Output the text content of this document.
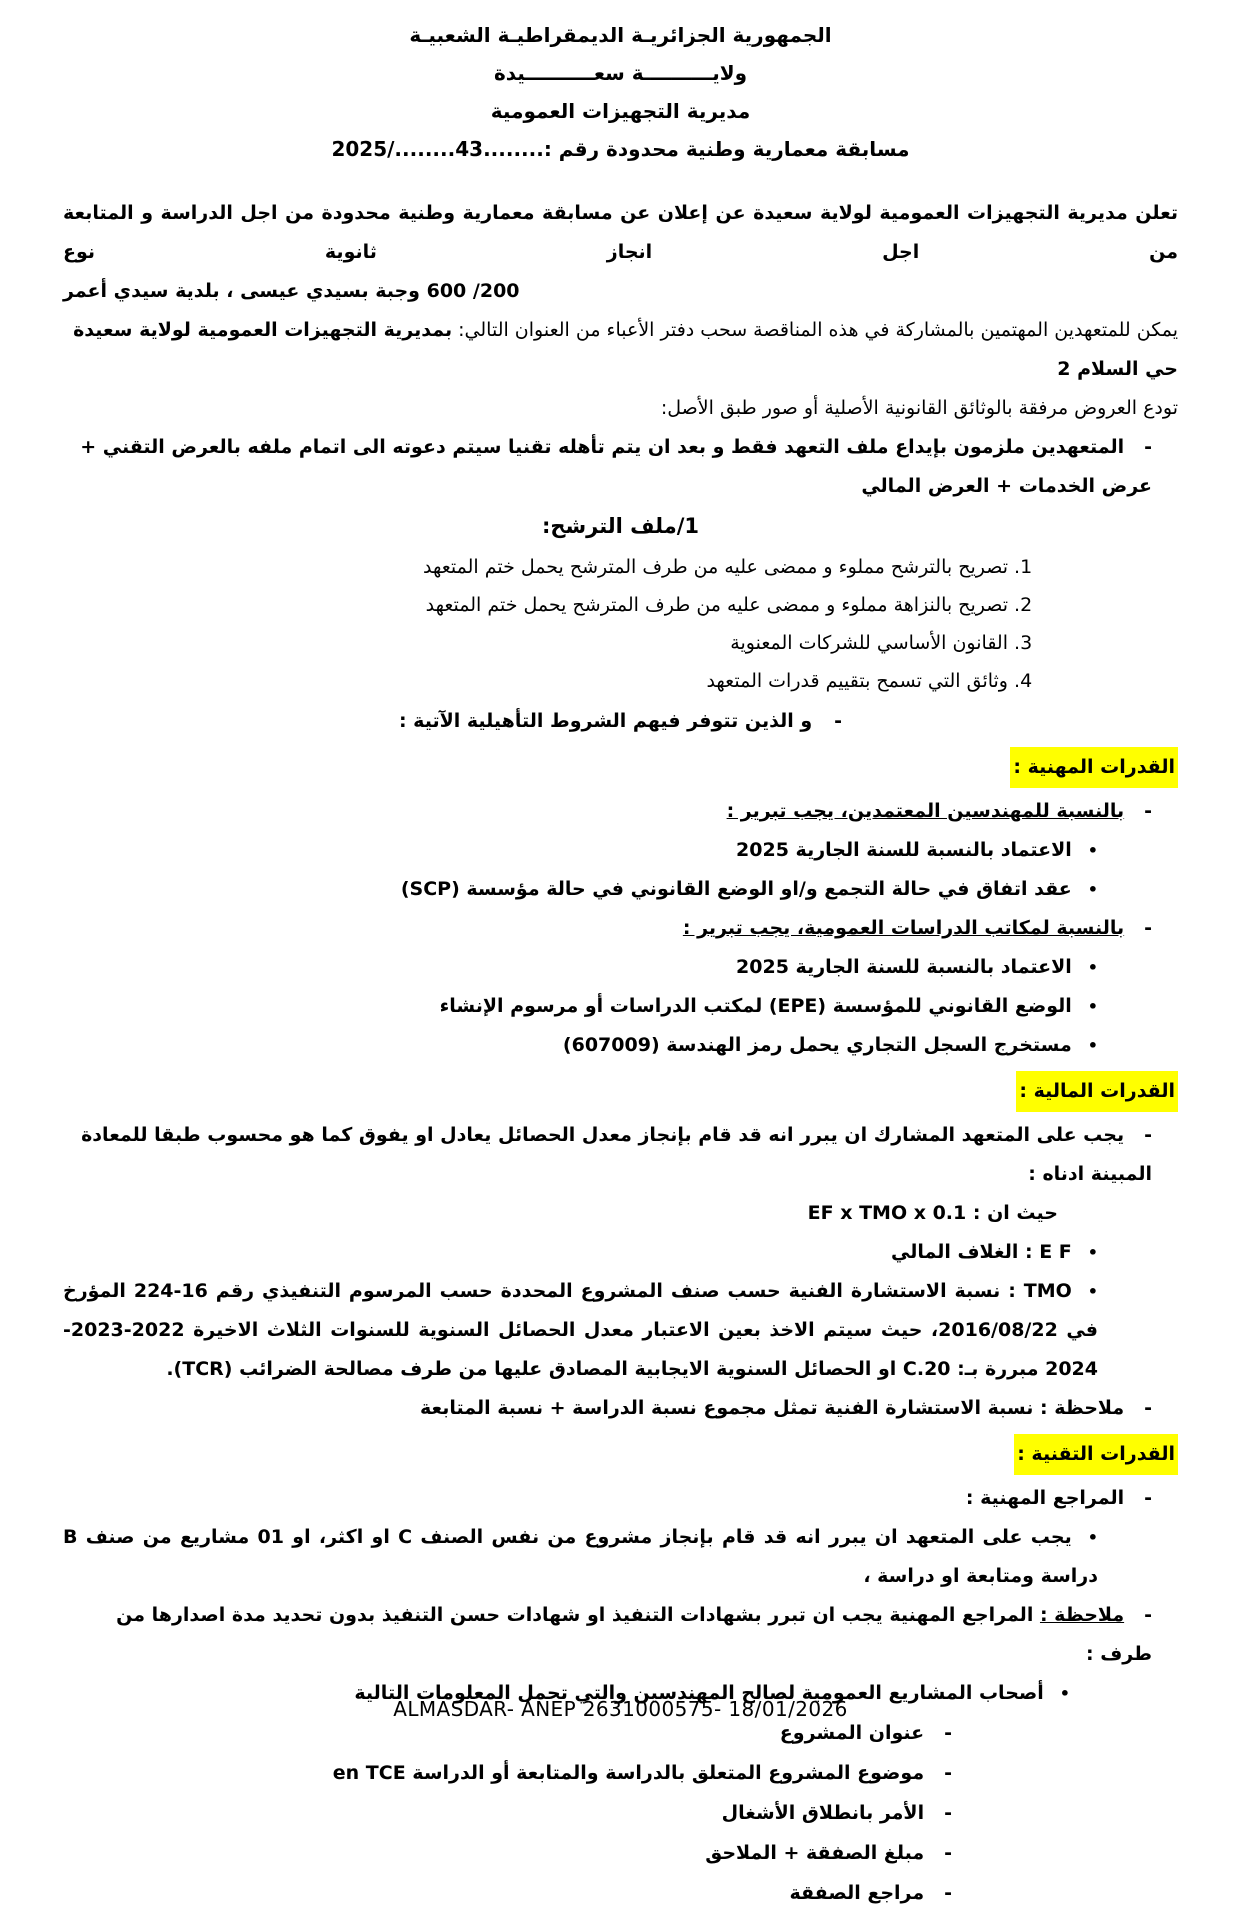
الجمهورية الجزائريـة الديمقراطيـة الشعبيـة
ولايــــــــــة سعــــــــــيدة
مديرية التجهيزات العمومية
مسابقة معمارية وطنية محدودة رقم :........43......../2025
تعلن مديرية التجهيزات العمومية لولاية سعيدة عن إعلان عن مسابقة معمارية وطنية محدودة من اجل الدراسة و المتابعة من اجل انجاز ثانوية نوع
200/ 600 وجبة بسيدي عيسى ، بلدية سيدي أعمر
يمكن للمتعهدين المهتمين بالمشاركة في هذه المناقصة سحب دفتر الأعباء من العنوان التالي: بمديرية التجهيزات العمومية لولاية سعيدة حي السلام 2
تودع العروض مرفقة بالوثائق القانونية الأصلية أو صور طبق الأصل:
- المتعهدين ملزمون بإيداع ملف التعهد فقط و بعد ان يتم تأهله تقنيا سيتم دعوته الى اتمام ملفه بالعرض التقني + عرض الخدمات + العرض المالي
1/ملف الترشح:
1. تصريح بالترشح مملوء و ممضى عليه من طرف المترشح يحمل ختم المتعهد
2. تصريح بالنزاهة مملوء و ممضى عليه من طرف المترشح يحمل ختم المتعهد
3. القانون الأساسي للشركات المعنوية
4. وثائق التي تسمح بتقييم قدرات المتعهد
- و الذين تتوفر فيهم الشروط التأهيلية الآتية :
القدرات المهنية :
- بالنسبة للمهندسين المعتمدين، يجب تبرير :
• الاعتماد بالنسبة للسنة الجارية 2025
• عقد اتفاق في حالة التجمع و/او الوضع القانوني في حالة مؤسسة (SCP)
- بالنسبة لمكاتب الدراسات العمومية، يجب تبرير :
• الاعتماد بالنسبة للسنة الجارية 2025
• الوضع القانوني للمؤسسة (EPE) لمكتب الدراسات أو مرسوم الإنشاء
• مستخرج السجل التجاري يحمل رمز الهندسة (607009)
القدرات المالية :
- يجب على المتعهد المشارك ان يبرر انه قد قام بإنجاز معدل الحصائل يعادل او يفوق كما هو محسوب طبقا للمعادة المبينة ادناه :
حيث ان : EF x TMO x 0.1
• E F : الغلاف المالي
• TMO : نسبة الاستشارة الفنية حسب صنف المشروع المحددة حسب المرسوم التنفيذي رقم 16-224 المؤرخ في 2016/08/22، حيث سيتم الاخذ بعين الاعتبار معدل الحصائل السنوية للسنوات الثلاث الاخيرة 2022-2023-2024 مبررة بـ: C.20 او الحصائل السنوية الايجابية المصادق عليها من طرف مصالحة الضرائب (TCR).
- ملاحظة : نسبة الاستشارة الفنية تمثل مجموع نسبة الدراسة + نسبة المتابعة
القدرات التقنية :
- المراجع المهنية :
• يجب على المتعهد ان يبرر انه قد قام بإنجاز مشروع من نفس الصنف C او اكثر، او 01 مشاريع من صنف B دراسة ومتابعة او دراسة ،
- ملاحظة : المراجع المهنية يجب ان تبرر بشهادات التنفيذ او شهادات حسن التنفيذ بدون تحديد مدة اصدارها من طرف :
• أصحاب المشاريع العمومية لصالح المهندسين والتي تحمل المعلومات التالية
- عنوان المشروع
- موضوع المشروع المتعلق بالدراسة والمتابعة أو الدراسة en TCE
- الأمر بانطلاق الأشغال
- مبلغ الصفقة + الملاحق
- مراجع الصفقة
ALMASDAR- ANEP 2631000575- 18/01/2026
